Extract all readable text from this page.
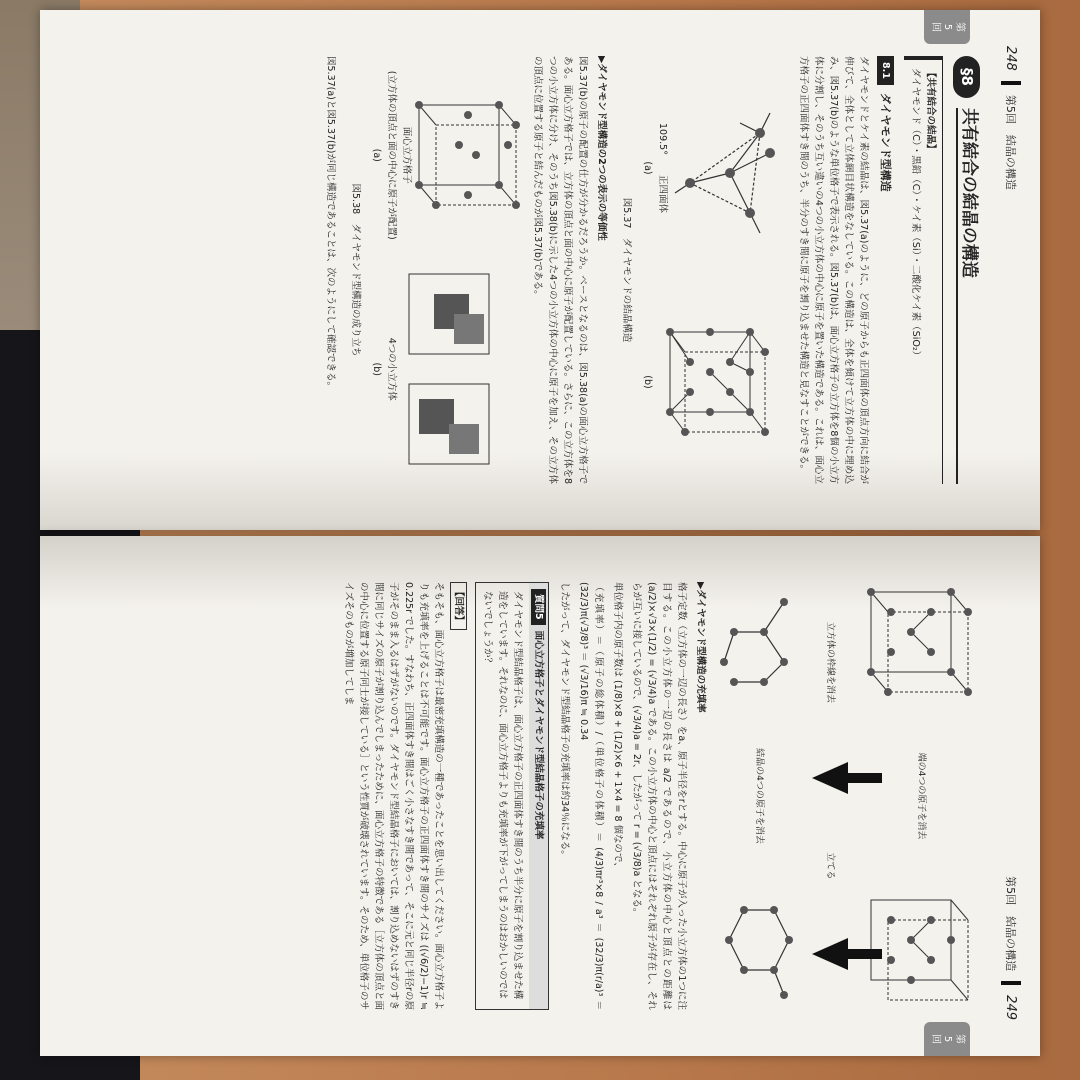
248
第5回　結晶の構造
第
5
回
§8
共有結合の結晶の構造
【共有結合の結晶】
ダイヤモンド（C）・黒鉛（C）・ケイ素（Si）・二酸化ケイ素（SiO₂）
8.1
ダイヤモンド型構造

ダイヤモンドとケイ素の結晶は、図5.37(a)のように、どの原子からも正四面体の頂点方向に結合が伸びて、全体として立体網目状構造をなしている。この構造は、全体を傾けて立方体の中に埋め込み、図5.37(b)のような単位格子で表示される。図5.37(b)は、面心立方格子の立方体を8個の小立方体に分割し、そのうち互い違いの4つの小立方体の中心に原子を置いた構造である。これは、面心立方格子の正四面体すき間のうち、半分のすき間に原子を割り込ませた構造と見なすことができる。

109.5°
正四面体
(a)
(b)
図5.37　ダイヤモンドの結晶構造
▶ダイヤモンド型構造の2つの表示の等価性

図5.37(b)の原子の配置の仕方が分かるだろうか。ベースとなるのは、図5.38(a)の面心立方格子である。面心立方格子では、立方体の頂点と面の中心に原子が配置している。さらに、この立方体を8つの小立方体に分け、そのうち図5.38(b)に示した4つの小立方体の中心に原子を加え、その立方体の頂点に位置する原子と結んだものが図5.37(b)である。

面心立方格子
(立方体の頂点と面の中心に原子が配置)
(a)
4つの小立方体
(b)
図5.38　ダイヤモンド型構造の成り立ち

図5.37(a)と図5.37(b)が同じ構造であることは、次のようにして確認できる。

第5回　結晶の構造
249
第
5
回
端の4つの原子を消去
立方体の枠線を消去
立てる
結晶の4つの原子を消去
▶ダイヤモンド型構造の充填率

格子定数（立方体の一辺の長さ）をa、原子半径をrとする。中心に原子が入った小立方体の1つに注目する。この小立方体の一辺の長さは a/2 であるので、小立方体の中心と頂点との距離は (a/2)×√3×(1/2) = (√3/4)a である。この小立方体の中心と頂点にはそれぞれ原子が存在し、それらが互いに接しているので、(√3/4)a = 2r、したがって r = (√3/8)a となる。

単位格子内の原子数は (1/8)×8 + (1/2)×6 + 1×4 = 8 個なので、

（充填率）＝（原子の総体積）/（単位格子の体積）＝ (4/3)πr³×8 / a³ ＝ (32/3)π(r/a)³ ＝ (32/3)π(√3/8)³ ＝ (√3/16)π ≒ 0.34

したがって、ダイヤモンド型結晶格子の充填率は約34％になる。

質問5
面心立方格子とダイヤモンド型結晶格子の充填率
ダイヤモンド型結晶格子は、面心立方格子の正四面体すき間のうち半分に原子を割り込ませた構造をしています。それなのに、面心立方格子よりも充填率が下がってしまうのはおかしいのではないでしょうか？
【回答】

そもそも、面心立方格子は最密充填構造の一種であったことを思い出してください。面心立方格子よりも充填率を上げることは不可能です。面心立方格子の正四面体すき間のサイズは ((√6/2)−1)r ≒ 0.225r でした。すなわち、正四面体すき間はごく小さなすき間であって、そこに元と同じ半径rの原子がそのまま入るはずがないのです。ダイヤモンド型結晶格子においては、割り込めないはずのすき間に同じサイズの原子が割り込んでしまったために、面心立方格子の特徴である［立方体の頂点と面の中心に位置する原子同士が接している］という性質が破壊されています。そのため、単位格子のサイズそのものが増加してしま
